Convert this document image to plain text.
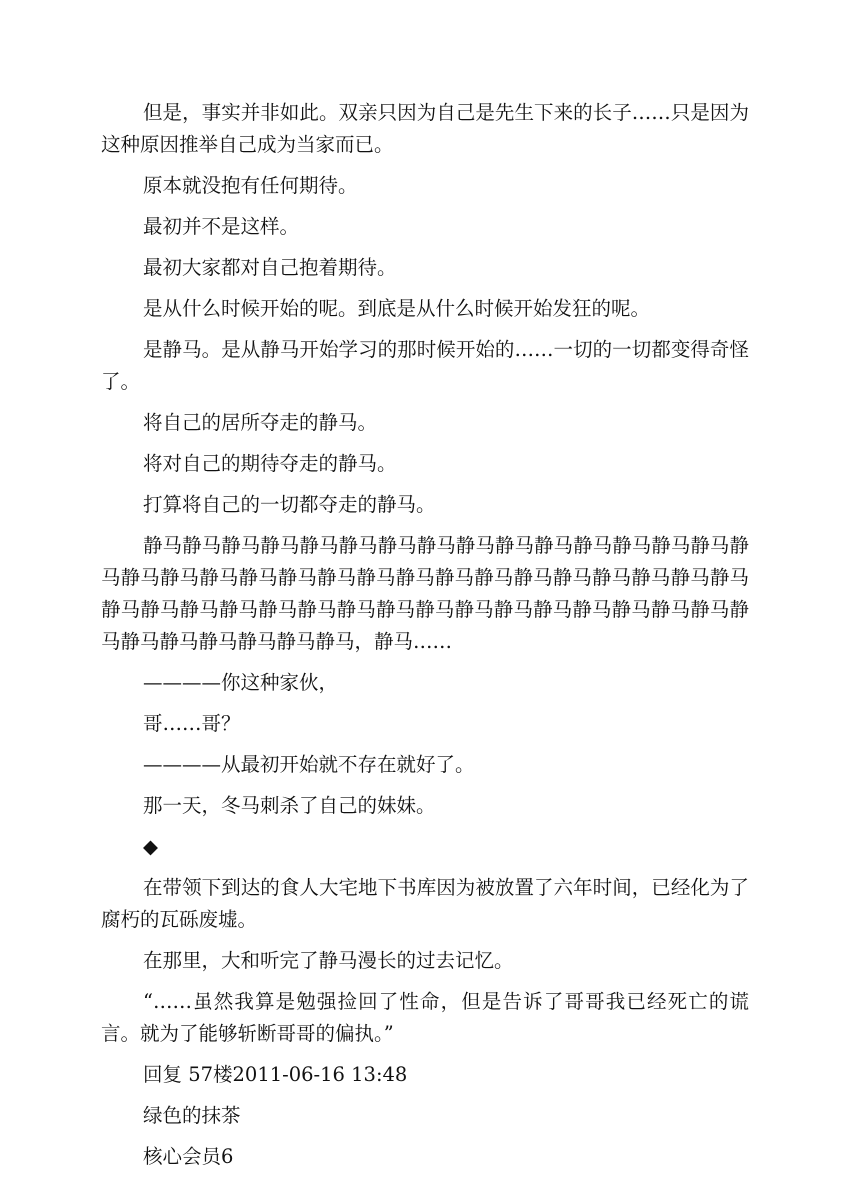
但是，事实并非如此。双亲只因为自己是先生下来的长子……只是因为这种原因推举自己成为当家而已。

原本就没抱有任何期待。

最初并不是这样。

最初大家都对自己抱着期待。

是从什么时候开始的呢。到底是从什么时候开始发狂的呢。

是静马。是从静马开始学习的那时候开始的……一切的一切都变得奇怪了。

将自己的居所夺走的静马。

将对自己的期待夺走的静马。

打算将自己的一切都夺走的静马。

静马静马静马静马静马静马静马静马静马静马静马静马静马静马静马静马静马静马静马静马静马静马静马静马静马静马静马静马静马静马静马静马静马静马静马静马静马静马静马静马静马静马静马静马静马静马静马静马静马静马静马静马静马静马静马，静马……

————你这种家伙，

哥……哥？

————从最初开始就不存在就好了。

那一天，冬马刺杀了自己的妹妹。

◆

在带领下到达的食人大宅地下书库因为被放置了六年时间，已经化为了腐朽的瓦砾废墟。

在那里，大和听完了静马漫长的过去记忆。

“……虽然我算是勉强捡回了性命，但是告诉了哥哥我已经死亡的谎言。就为了能够斩断哥哥的偏执。”

回复 57楼2011-06-16 13:48

绿色的抹茶

核心会员6
